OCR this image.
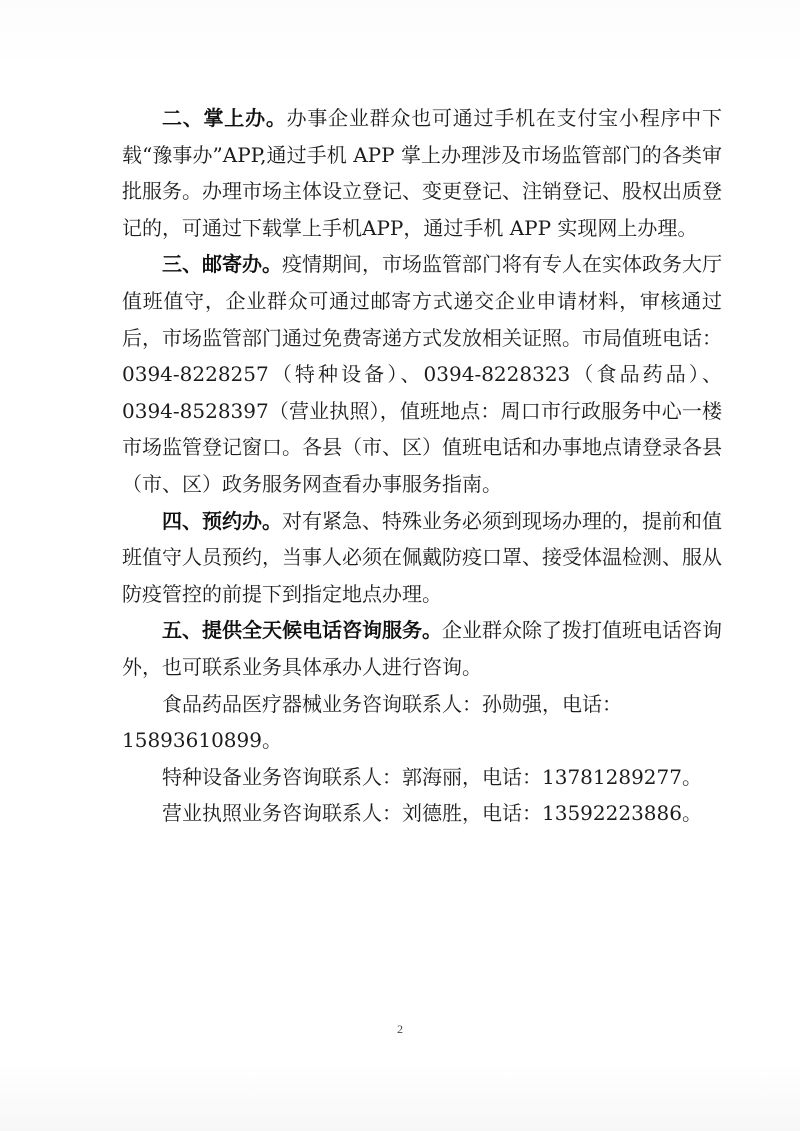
二、掌上办。办事企业群众也可通过手机在支付宝小程序中下载“豫事办”APP,通过手机 APP 掌上办理涉及市场监管部门的各类审批服务。办理市场主体设立登记、变更登记、注销登记、股权出质登记的，可通过下载掌上手机APP，通过手机 APP 实现网上办理。

三、邮寄办。疫情期间，市场监管部门将有专人在实体政务大厅值班值守，企业群众可通过邮寄方式递交企业申请材料，审核通过后，市场监管部门通过免费寄递方式发放相关证照。市局值班电话：0394-8228257（特种设备）、0394-8228323（食品药品）、0394-8528397（营业执照），值班地点：周口市行政服务中心一楼市场监管登记窗口。各县（市、区）值班电话和办事地点请登录各县（市、区）政务服务网查看办事服务指南。

四、预约办。对有紧急、特殊业务必须到现场办理的，提前和值班值守人员预约，当事人必须在佩戴防疫口罩、接受体温检测、服从防疫管控的前提下到指定地点办理。

五、提供全天候电话咨询服务。企业群众除了拨打值班电话咨询外，也可联系业务具体承办人进行咨询。

食品药品医疗器械业务咨询联系人：孙勋强，电话：15893610899。

特种设备业务咨询联系人：郭海丽，电话：13781289277。

营业执照业务咨询联系人：刘德胜，电话：13592223886。

2
